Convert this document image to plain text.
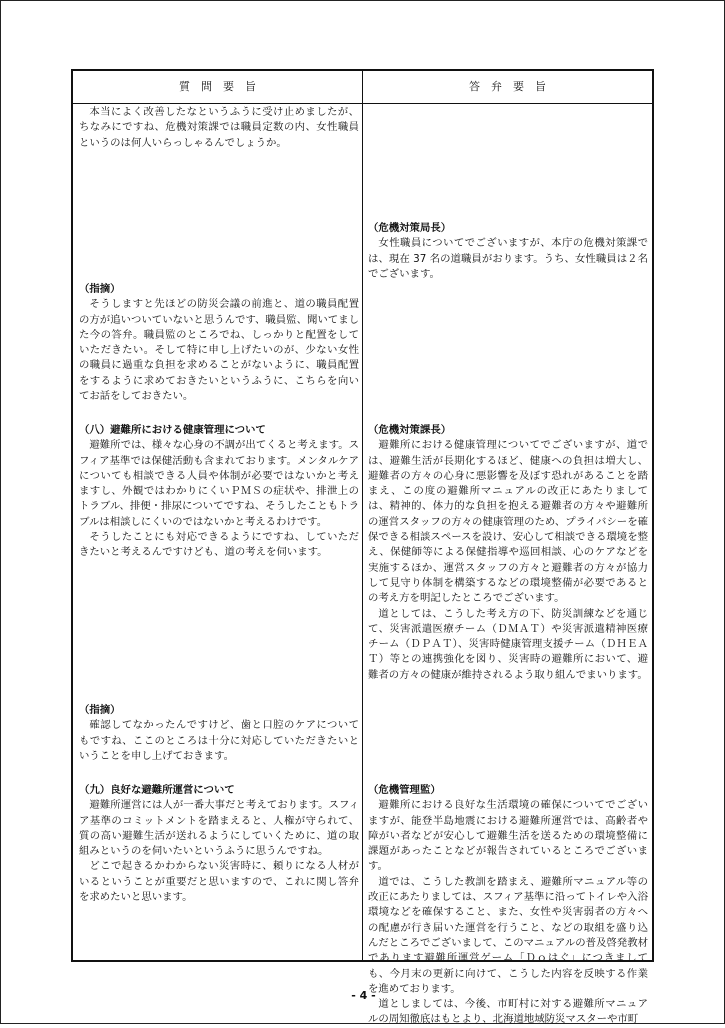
質　問　要　旨	答　弁　要　旨

本当によく改善したなというふうに受け止めましたが、ちなみにですね、危機対策課では職員定数の内、女性職員というのは何人いらっしゃるんでしょうか。

（指摘）

そうしますと先ほどの防災会議の前進と、道の職員配置の方が追いついていないと思うんです、職員監、聞いてました今の答弁。職員監のところでね、しっかりと配置をしていただきたい。そして特に申し上げたいのが、少ない女性の職員に過重な負担を求めることがないように、職員配置をするように求めておきたいというふうに、こちらを向いてお話をしておきたい。

（八）避難所における健康管理について

避難所では、様々な心身の不調が出てくると考えます。スフィア基準では保健活動も含まれております。メンタルケアについても相談できる人員や体制が必要ではないかと考えますし、外観ではわかりにくいＰＭＳの症状や、排泄上のトラブル、排便・排尿についてですね、そうしたこともトラブルは相談しにくいのではないかと考えるわけです。

そうしたことにも対応できるようにですね、していただきたいと考えるんですけども、道の考えを伺います。

（指摘）

確認してなかったんですけど、歯と口腔のケアについてもですね、ここのところは十分に対応していただきたいということを申し上げておきます。

（九）良好な避難所運営について

避難所運営には人が一番大事だと考えております。スフィア基準のコミットメントを踏まえると、人権が守られて、質の高い避難生活が送れるようにしていくために、道の取組みというのを伺いたいというふうに思うんですね。

どこで起きるかわからない災害時に、頼りになる人材がいるということが重要だと思いますので、これに関し答弁を求めたいと思います。

（危機対策局長）

女性職員についてでございますが、本庁の危機対策課では、現在 37 名の道職員がおります。うち、女性職員は２名でございます。

（危機対策課長）

避難所における健康管理についてでございますが、道では、避難生活が長期化するほど、健康への負担は増大し、避難者の方々の心身に悪影響を及ぼす恐れがあることを踏まえ、この度の避難所マニュアルの改正にあたりましては、精神的、体力的な負担を抱える避難者の方々や避難所の運営スタッフの方々の健康管理のため、プライバシーを確保できる相談スペースを設け、安心して相談できる環境を整え、保健師等による保健指導や巡回相談、心のケアなどを実施するほか、運営スタッフの方々と避難者の方々が協力して見守り体制を構築するなどの環境整備が必要であるとの考え方を明記したところでございます。

道としては、こうした考え方の下、防災訓練などを通じて、災害派遣医療チーム（ＤＭＡＴ）や災害派遣精神医療チーム（ＤＰＡＴ）、災害時健康管理支援チーム（ＤＨＥＡＴ）等との連携強化を図り、災害時の避難所において、避難者の方々の健康が維持されるよう取り組んでまいります。

（危機管理監）

避難所における良好な生活環境の確保についてでございますが、能登半島地震における避難所運営では、高齢者や障がい者などが安心して避難生活を送るための環境整備に課題があったことなどが報告されているところでございます。

道では、こうした教訓を踏まえ、避難所マニュアル等の改正にあたりましては、スフィア基準に沿ってトイレや入浴環境などを確保すること、また、女性や災害弱者の方々への配慮が行き届いた運営を行うこと、などの取組を盛り込んだところでございまして、このマニュアルの普及啓発教材であります避難所運営ゲーム「Ｄｏはぐ」につきましても、今月末の更新に向けて、こうした内容を反映する作業を進めております。

道としましては、今後、市町村に対する避難所マニュアルの周知徹底はもとより、北海道地域防災マスターや市町

- 4 -
